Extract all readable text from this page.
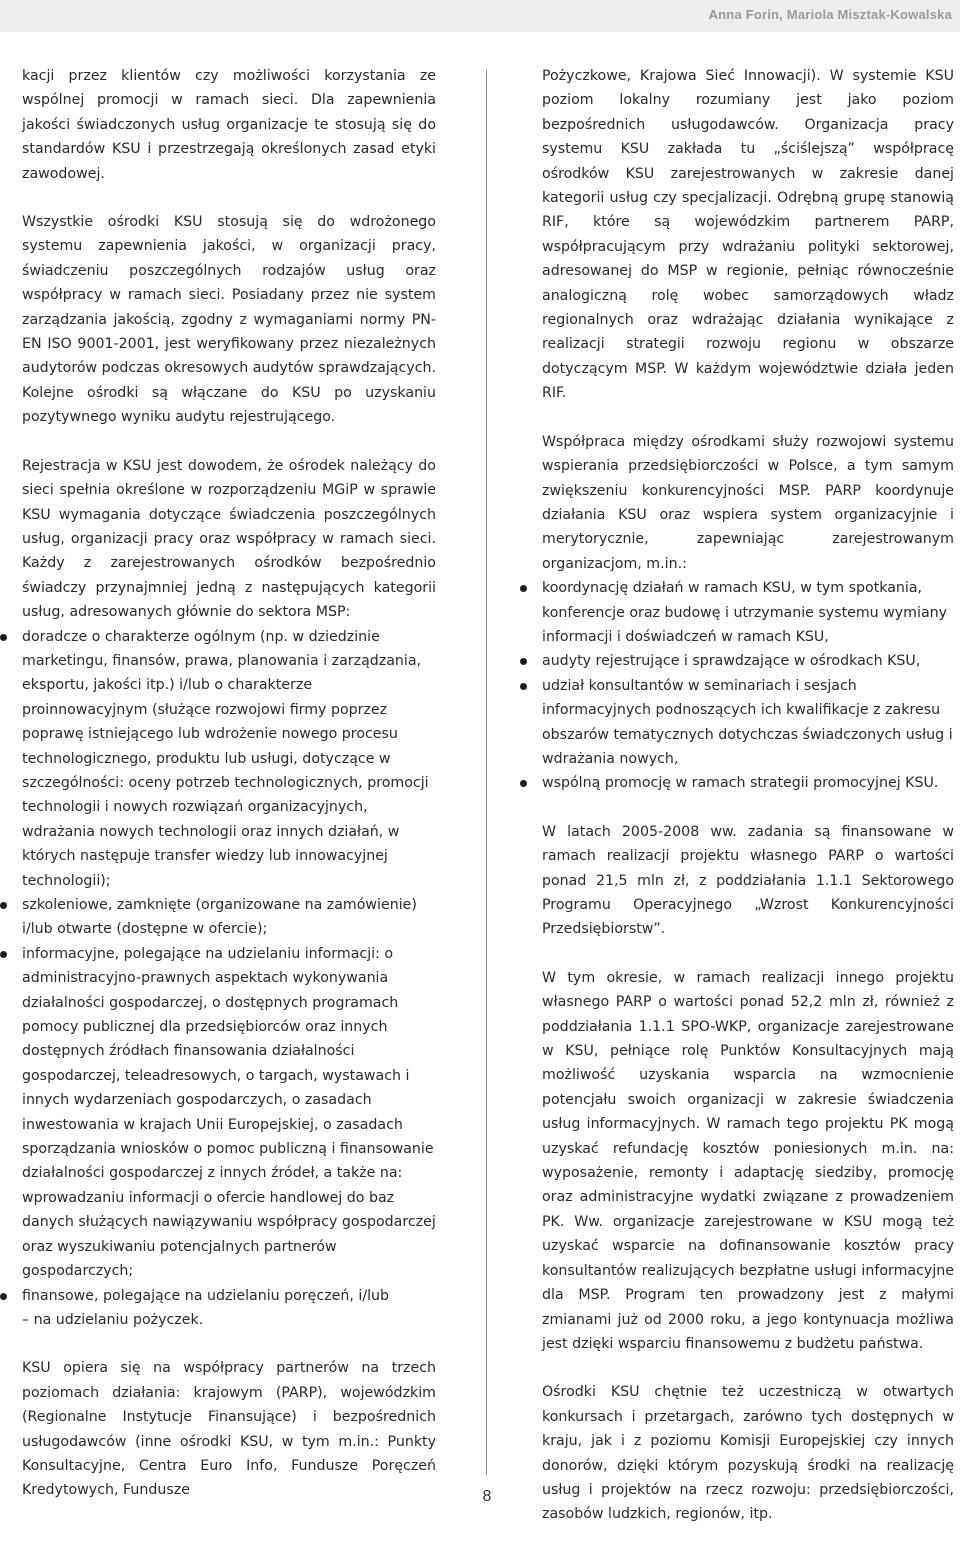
Anna Forin, Mariola Misztak-Kowalska

kacji przez klientów czy możliwości korzystania ze wspólnej promocji w ramach sieci. Dla zapewnienia jakości świadczonych usług organizacje te stosują się do standardów KSU i przestrzegają określonych zasad etyki zawodowej.

Wszystkie ośrodki KSU stosują się do wdrożonego systemu zapewnienia jakości, w organizacji pracy, świadczeniu poszczególnych rodzajów usług oraz współpracy w ramach sieci. Posiadany przez nie system zarządzania jakością, zgodny z wymaganiami normy PN-EN ISO 9001-2001, jest weryfikowany przez niezależnych audytorów podczas okresowych audytów sprawdzających. Kolejne ośrodki są włączane do KSU po uzyskaniu pozytywnego wyniku audytu rejestrującego.

Rejestracja w KSU jest dowodem, że ośrodek należący do sieci spełnia określone w rozporządzeniu MGiP w sprawie KSU wymagania dotyczące świadczenia poszczególnych usług, organizacji pracy oraz współpracy w ramach sieci. Każdy z zarejestrowanych ośrodków bezpośrednio świadczy przynajmniej jedną z następujących kategorii usług, adresowanych głównie do sektora MSP:

doradcze o charakterze ogólnym (np. w dziedzinie marketingu, finansów, prawa, planowania i zarządzania, eksportu, jakości itp.) i/lub o charakterze proinnowacyjnym (służące rozwojowi firmy poprzez poprawę istniejącego lub wdrożenie nowego procesu technologicznego, produktu lub usługi, dotyczące w szczególności: oceny potrzeb technologicznych, promocji technologii i nowych rozwiązań organizacyjnych, wdrażania nowych technologii oraz innych działań, w których następuje transfer wiedzy lub innowacyjnej technologii);
szkoleniowe, zamknięte (organizowane na zamówienie) i/lub otwarte (dostępne w ofercie);
informacyjne, polegające na udzielaniu informacji: o administracyjno-prawnych aspektach wykonywania działalności gospodarczej, o dostępnych programach pomocy publicznej dla przedsiębiorców oraz innych dostępnych źródłach finansowania działalności gospodarczej, teleadresowych, o targach, wystawach i innych wydarzeniach gospodarczych, o zasadach inwestowania w krajach Unii Europejskiej, o zasadach sporządzania wniosków o pomoc publiczną i finansowanie działalności gospodarczej z innych źródeł, a także na: wprowadzaniu informacji o ofercie handlowej do baz danych służących nawiązywaniu współpracy gospodarczej oraz wyszukiwaniu potencjalnych partnerów gospodarczych;
finansowe, polegające na udzielaniu poręczeń, i/lub
– na udzielaniu pożyczek.

KSU opiera się na współpracy partnerów na trzech poziomach działania: krajowym (PARP), wojewódzkim (Regionalne Instytucje Finansujące) i bezpośrednich usługodawców (inne ośrodki KSU, w tym m.in.: Punkty Konsultacyjne, Centra Euro Info, Fundusze Poręczeń Kredytowych, Fundusze

Pożyczkowe, Krajowa Sieć Innowacji). W systemie KSU poziom lokalny rozumiany jest jako poziom bezpośrednich usługodawców. Organizacja pracy systemu KSU zakłada tu „ściślejszą” współpracę ośrodków KSU zarejestrowanych w zakresie danej kategorii usług czy specjalizacji. Odrębną grupę stanowią RIF, które są wojewódzkim partnerem PARP, współpracującym przy wdrażaniu polityki sektorowej, adresowanej do MSP w regionie, pełniąc równocześnie analogiczną rolę wobec samorządowych władz regionalnych oraz wdrażając działania wynikające z realizacji strategii rozwoju regionu w obszarze dotyczącym MSP. W każdym województwie działa jeden RIF.

Współpraca między ośrodkami służy rozwojowi systemu wspierania przedsiębiorczości w Polsce, a tym samym zwiększeniu konkurencyjności MSP. PARP koordynuje działania KSU oraz wspiera system organizacyjnie i merytorycznie, zapewniając zarejestrowanym organizacjom, m.in.:

koordynację działań w ramach KSU, w tym spotkania, konferencje oraz budowę i utrzymanie systemu wymiany informacji i doświadczeń w ramach KSU,
audyty rejestrujące i sprawdzające w ośrodkach KSU,
udział konsultantów w seminariach i sesjach informacyjnych podnoszących ich kwalifikacje z zakresu obszarów tematycznych dotychczas świadczonych usług i wdrażania nowych,
wspólną promocję w ramach strategii promocyjnej KSU.

W latach 2005-2008 ww. zadania są finansowane w ramach realizacji projektu własnego PARP o wartości ponad 21,5 mln zł, z poddziałania 1.1.1 Sektorowego Programu Operacyjnego „Wzrost Konkurencyjności Przedsiębiorstw”.

W tym okresie, w ramach realizacji innego projektu własnego PARP o wartości ponad 52,2 mln zł, również z poddziałania 1.1.1 SPO-WKP, organizacje zarejestrowane w KSU, pełniące rolę Punktów Konsultacyjnych mają możliwość uzyskania wsparcia na wzmocnienie potencjału swoich organizacji w zakresie świadczenia usług informacyjnych. W ramach tego projektu PK mogą uzyskać refundację kosztów poniesionych m.in. na: wyposażenie, remonty i adaptację siedziby, promocję oraz administracyjne wydatki związane z prowadzeniem PK. Ww. organizacje zarejestrowane w KSU mogą też uzyskać wsparcie na dofinansowanie kosztów pracy konsultantów realizujących bezpłatne usługi informacyjne dla MSP. Program ten prowadzony jest z małymi zmianami już od 2000 roku, a jego kontynuacja możliwa jest dzięki wsparciu finansowemu z budżetu państwa.

Ośrodki KSU chętnie też uczestniczą w otwartych konkursach i przetargach, zarówno tych dostępnych w kraju, jak i z poziomu Komisji Europejskiej czy innych donorów, dzięki którym pozyskują środki na realizację usług i projektów na rzecz rozwoju: przedsiębiorczości, zasobów ludzkich, regionów, itp.

8
